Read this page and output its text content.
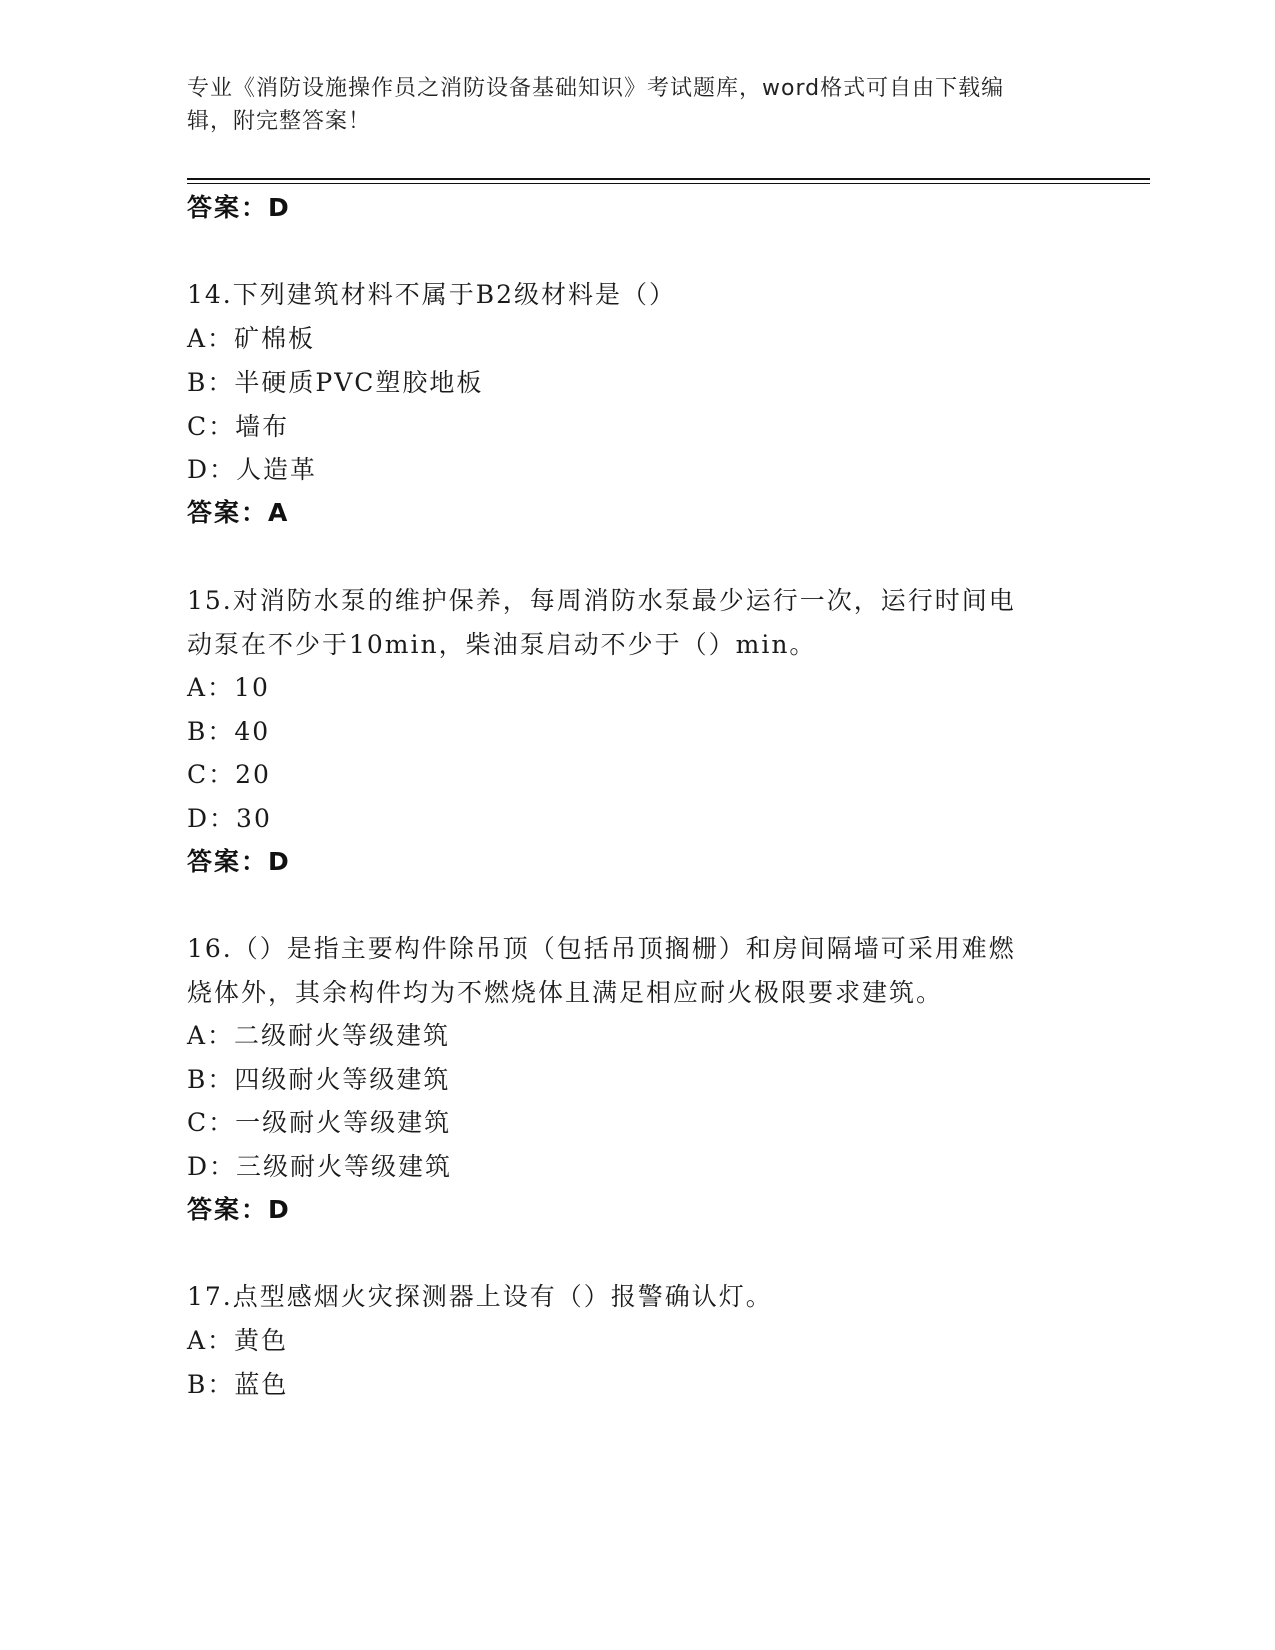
专业《消防设施操作员之消防设备基础知识》考试题库，word格式可自由下载编
辑，附完整答案！
答案：D
14.下列建筑材料不属于B2级材料是（）
A：矿棉板
B：半硬质PVC塑胶地板
C：墙布
D：人造革
答案：A
15.对消防水泵的维护保养，每周消防水泵最少运行一次，运行时间电
动泵在不少于10min，柴油泵启动不少于（）min。
A：10
B：40
C：20
D：30
答案：D
16.（）是指主要构件除吊顶（包括吊顶搁栅）和房间隔墙可采用难燃
烧体外，其余构件均为不燃烧体且满足相应耐火极限要求建筑。
A：二级耐火等级建筑
B：四级耐火等级建筑
C：一级耐火等级建筑
D：三级耐火等级建筑
答案：D
17.点型感烟火灾探测器上设有（）报警确认灯。
A：黄色
B：蓝色
